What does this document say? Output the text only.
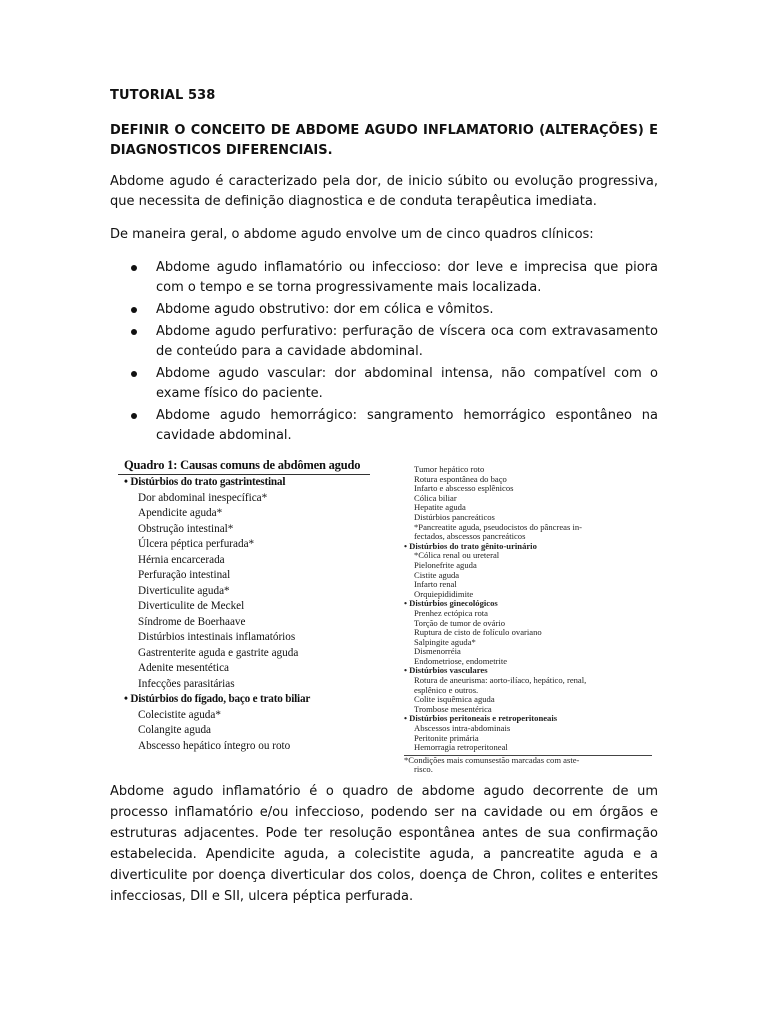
TUTORIAL 538
DEFINIR O CONCEITO DE ABDOME AGUDO INFLAMATORIO (ALTERAÇÕES) E DIAGNOSTICOS DIFERENCIAIS.
Abdome agudo é caracterizado pela dor, de inicio súbito ou evolução progressiva, que necessita de definição diagnostica e de conduta terapêutica imediata.
De maneira geral, o abdome agudo envolve um de cinco quadros clínicos:
Abdome agudo inflamatório ou infeccioso: dor leve e imprecisa que piora com o tempo e se torna progressivamente mais localizada.
Abdome agudo obstrutivo: dor em cólica e vômitos.
Abdome agudo perfurativo: perfuração de víscera oca com extravasamento de conteúdo para a cavidade abdominal.
Abdome agudo vascular: dor abdominal intensa, não compatível com o exame físico do paciente.
Abdome agudo hemorrágico: sangramento hemorrágico espontâneo na cavidade abdominal.
Quadro 1: Causas comuns de abdômen agudo
• Distúrbios do trato gastrintestinal
Dor abdominal inespecífica*
Apendicite aguda*
Obstrução intestinal*
Úlcera péptica perfurada*
Hérnia encarcerada
Perfuração intestinal
Diverticulite aguda*
Diverticulite de Meckel
Síndrome de Boerhaave
Distúrbios intestinais inflamatórios
Gastrenterite aguda e gastrite aguda
Adenite mesentética
Infecções parasitárias
• Distúrbios do fígado, baço e trato biliar
Colecistite aguda*
Colangite aguda
Abscesso hepático íntegro ou roto
Tumor hepático roto
Rotura espontânea do baço
Infarto e abscesso esplênicos
Cólica biliar
Hepatite aguda
Distúrbios pancreáticos
*Pancreatite aguda, pseudocistos do pâncreas in-
fectados, abscessos pancreáticos
• Distúrbios do trato gênito-urinário
*Cólica renal ou ureteral
Pielonefrite aguda
Cistite aguda
Infarto renal
Orquiepididimite
• Distúrbios ginecológicos
Prenhez ectópica rota
Torção de tumor de ovário
Ruptura de cisto de folículo ovariano
Salpingite aguda*
Dismenorréia
Endometriose, endometrite
• Distúrbios vasculares
Rotura de aneurisma: aorto-ilíaco, hepático, renal,
esplênico e outros.
Colite isquêmica aguda
Trombose mesentérica
• Distúrbios peritoneais e retroperitoneais
Abscessos intra-abdominais
Peritonite primária
Hemorragia retroperitoneal
*Condições mais comunsestão marcadas com aste-
risco.
Abdome agudo inflamatório é o quadro de abdome agudo decorrente de um processo inflamatório e/ou infeccioso, podendo ser na cavidade ou em órgãos e estruturas adjacentes. Pode ter resolução espontânea antes de sua confirmação estabelecida. Apendicite aguda, a colecistite aguda, a pancreatite aguda e a diverticulite por doença diverticular dos colos, doença de Chron, colites e enterites infecciosas, DII e SII, ulcera péptica perfurada.
